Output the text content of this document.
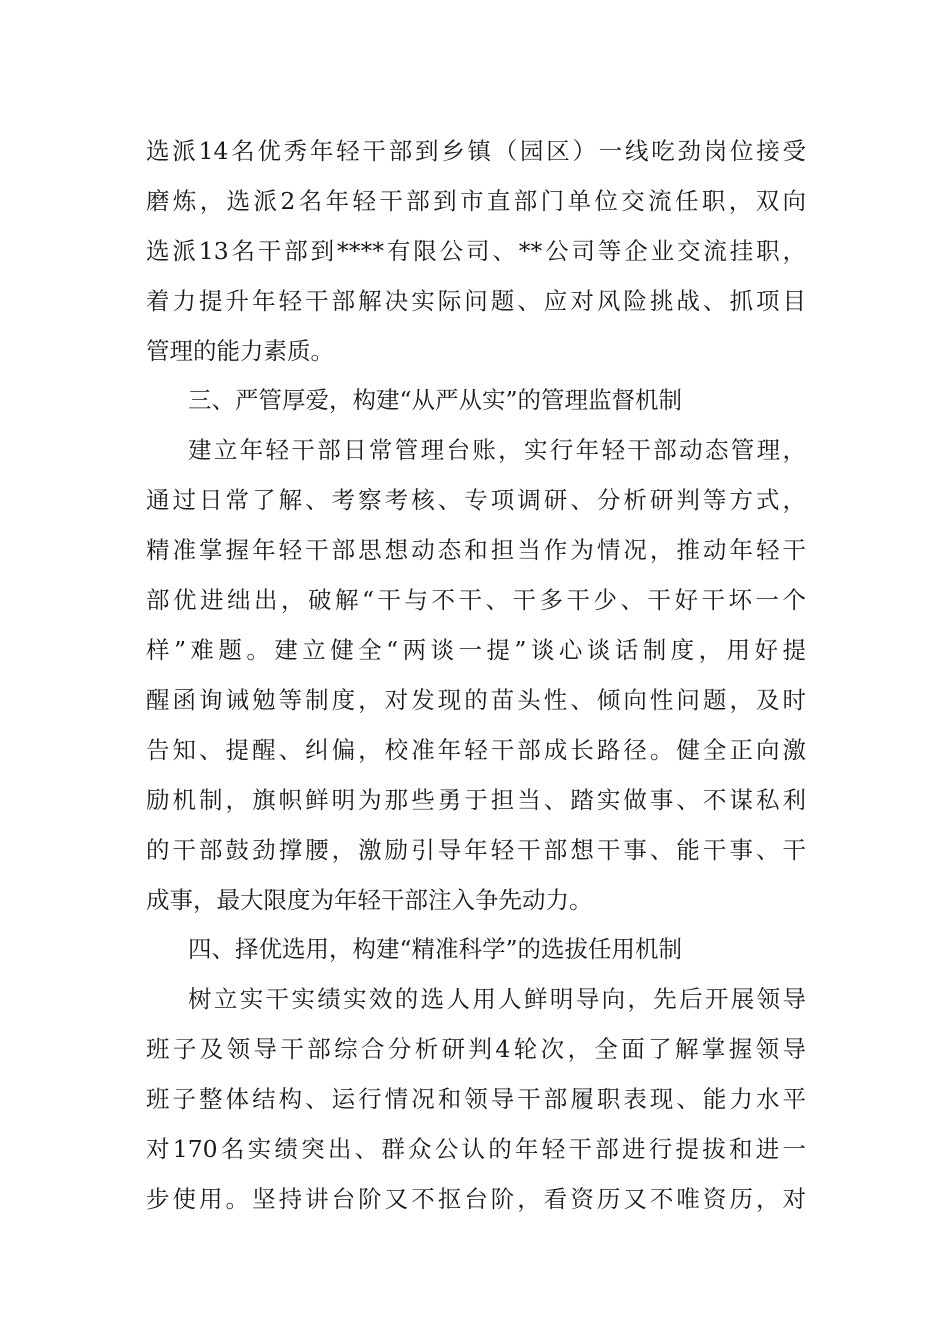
选派14名优秀年轻干部到乡镇（园区）一线吃劲岗位接受
磨炼，选派2名年轻干部到市直部门单位交流任职，双向
选派13名干部到****有限公司、**公司等企业交流挂职，
着力提升年轻干部解决实际问题、应对风险挑战、抓项目
管理的能力素质。
三、严管厚爱，构建“从严从实”的管理监督机制
建立年轻干部日常管理台账，实行年轻干部动态管理，
通过日常了解、考察考核、专项调研、分析研判等方式，
精准掌握年轻干部思想动态和担当作为情况，推动年轻干
部优进绌出，破解“干与不干、干多干少、干好干坏一个
样”难题。建立健全“两谈一提”谈心谈话制度，用好提
醒函询诫勉等制度，对发现的苗头性、倾向性问题，及时
告知、提醒、纠偏，校准年轻干部成长路径。健全正向激
励机制，旗帜鲜明为那些勇于担当、踏实做事、不谋私利
的干部鼓劲撑腰，激励引导年轻干部想干事、能干事、干
成事，最大限度为年轻干部注入争先动力。
四、择优选用，构建“精准科学”的选拔任用机制
树立实干实绩实效的选人用人鲜明导向，先后开展领导
班子及领导干部综合分析研判4轮次，全面了解掌握领导
班子整体结构、运行情况和领导干部履职表现、能力水平
对170名实绩突出、群众公认的年轻干部进行提拔和进一
步使用。坚持讲台阶又不抠台阶，看资历又不唯资历，对
